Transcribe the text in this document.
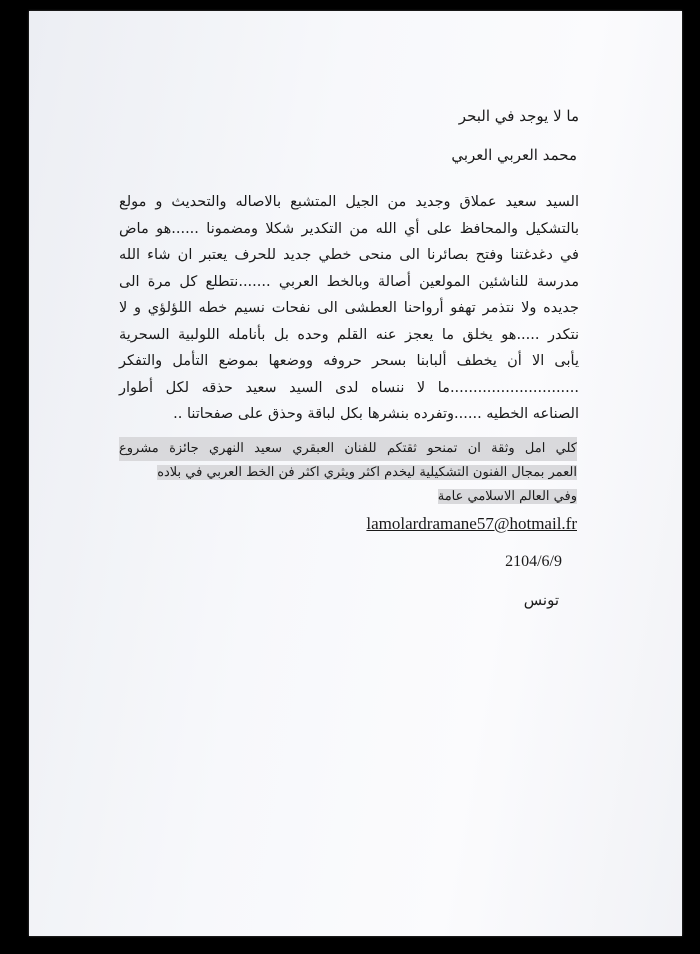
ما لا يوجد في البحر
محمد العربي العربي
السيد سعيد عملاق وجديد من الجيل المتشبع بالاصاله والتحديث و مولع
بالتشكيل والمحافظ على أي الله من التكدير شكلا ومضمونا ......هو ماض
في دغدغتنا وفتح بصائرنا الى منحى خطي جديد للحرف يعتبر ان شاء الله
مدرسة للناشئين المولعين أصالة وبالخط العربي .......نتطلع كل مرة الى
جديده ولا نتذمر تهفو أرواحنا العطشى الى نفحات نسيم خطه اللؤلؤي و لا
نتكدر .....هو يخلق ما يعجز عنه القلم وحده بل بأنامله اللولبية السحرية
يأبى الا أن يخطف ألبابنا بسحر حروفه ووضعها بموضع التأمل والتفكر
............................ما لا ننساه لدى السيد سعيد حذقه لكل أطوار
الصناعه الخطيه ......وتفرده بنشرها بكل لباقة وحذق على صفحاتنا ..
كلي امل وثقة ان تمنحو ثقتكم للفنان العبقري سعيد النهري جائزة مشروع
العمر بمجال الفنون التشكيلية ليخدم اكثر ويثري اكثر فن الخط العربي في بلاده
وفي العالم الاسلامي عامة
lamolardramane57@hotmail.fr
2104/6/9
تونس
